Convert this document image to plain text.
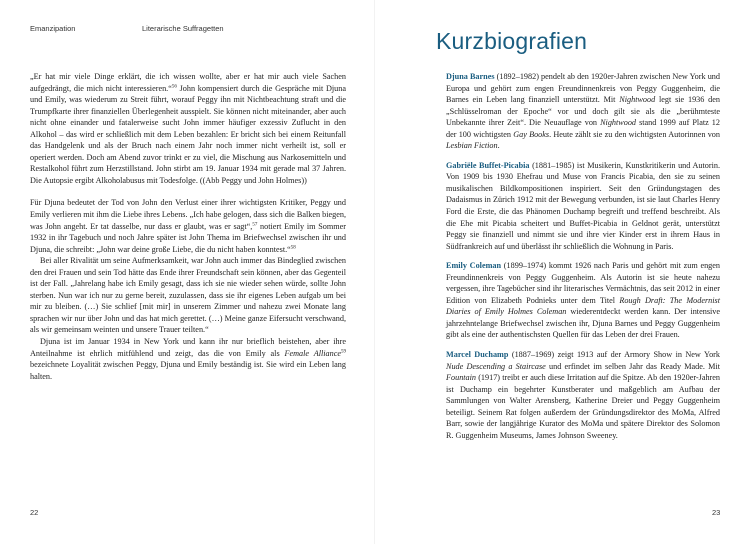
Emanzipation	Literarische Suffragetten	Kurzbiografien

„Er hat mir viele Dinge erklärt, die ich wissen wollte, aber er hat mir auch viele Sachen aufgedrängt, die mich nicht interessieren.“$^{56}$ John kompensiert durch die Gespräche mit Djuna und Emily, was wiederum zu Streit führt, worauf Peggy ihn mit Nichtbeachtung straft und die Trumpfkarte ihrer finanziellen Überlegenheit ausspielt. Sie können nicht miteinander, aber auch nicht ohne einander und fatalerweise sucht John immer häufiger exzessiv Zuflucht in den Alkohol – das wird er schließlich mit dem Leben bezahlen: Er bricht sich bei einem Reitunfall das Handgelenk und als der Bruch nach einem Jahr noch immer nicht verheilt ist, soll er operiert werden. Doch am Abend zuvor trinkt er zu viel, die Mischung aus Narkosemitteln und Restalkohol führt zum Herzstillstand. John stirbt am 19. Januar 1934 mit gerade mal 37 Jahren. Die Autopsie ergibt Alkoholabusus mit Todesfolge. ((Abb Peggy und John Holmes))

Für Djuna bedeutet der Tod von John den Verlust einer ihrer wichtigsten Kritiker, Peggy und Emily verlieren mit ihm die Liebe ihres Lebens. „Ich habe gelogen, dass sich die Balken biegen, was John angeht. Er tat dasselbe, nur dass er glaubt, was er sagt“,$^{57}$ notiert Emily im Sommer 1932 in ihr Tagebuch und noch Jahre später ist John Thema im Briefwechsel zwischen ihr und Djuna, die schreibt: „John war deine große Liebe, die du nicht haben konntest.“$^{58}$

Bei aller Rivalität um seine Aufmerksamkeit, war John auch immer das Bindeglied zwischen den drei Frauen und sein Tod hätte das Ende ihrer Freundschaft sein können, aber das Gegenteil ist der Fall. „Jahrelang habe ich Emily gesagt, dass ich sie nie wieder sehen würde, sollte John sterben. Nun war ich nur zu gerne bereit, zuzulassen, dass sie ihr eigenes Leben aufgab um bei mir zu bleiben. (…) Sie schlief [mit mir] in unserem Zimmer und nahezu zwei Monate lang sprachen wir nur über John und das hat mich gerettet. (…) Meine ganze Eifersucht verschwand, als wir gemeinsam weinten und unsere Trauer teilten.“

Djuna ist im Januar 1934 in New York und kann ihr nur brieflich beistehen, aber ihre Anteilnahme ist ehrlich mitfühlend und zeigt, das die von Emily als Female Alliance$^{59}$ bezeichnete Loyalität zwischen Peggy, Djuna und Emily beständig ist. Sie wird ein Leben lang halten.

Djuna Barnes (1892–1982) pendelt ab den 1920er-Jahren zwischen New York und Europa und gehört zum engen Freundinnenkreis von Peggy Guggenheim, die Barnes ein Leben lang finanziell unterstützt. Mit Nightwood legt sie 1936 den „Schlüsselroman der Epoche“ vor und doch gilt sie als die „berühmteste Unbekannte ihrer Zeit“. Die Neuauflage von Nightwood stand 1999 auf Platz 12 der 100 wichtigsten Gay Books. Heute zählt sie zu den wichtigsten Autorinnen von Lesbian Fiction.

Gabriële Buffet-Picabia (1881–1985) ist Musikerin, Kunstkritikerin und Autorin. Von 1909 bis 1930 Ehefrau und Muse von Francis Picabia, den sie zu seinen musikalischen Bildkompositionen inspiriert. Seit den Gründungstagen des Dadaismus in Zürich 1912 mit der Bewegung verbunden, ist sie laut Charles Henry Ford die Erste, die das Phänomen Duchamp begreift und treffend beschreibt. Als die Ehe mit Picabia scheitert und Buffet-Picabia in Geldnot gerät, unterstützt Peggy sie finanziell und nimmt sie und ihre vier Kinder erst in ihrem Haus in Südfrankreich auf und überlässt ihr schließlich die Wohnung in Paris.

Emily Coleman (1899–1974) kommt 1926 nach Paris und gehört mit zum engen Freundinnenkreis von Peggy Guggenheim. Als Autorin ist sie heute nahezu vergessen, ihre Tagebücher sind ihr literarisches Vermächtnis, das seit 2012 in einer Edition von Elizabeth Podnieks unter dem Titel Rough Draft: The Modernist Diaries of Emily Holmes Coleman wiederentdeckt werden kann. Der intensive jahrzehntelange Briefwechsel zwischen ihr, Djuna Barnes und Peggy Guggenheim gibt als eine der authentischsten Quellen für das Leben der drei Frauen.

Marcel Duchamp (1887–1969) zeigt 1913 auf der Armory Show in New York Nude Descending a Staircase und erfindet im selben Jahr das Ready Made. Mit Fountain (1917) treibt er auch diese Irritation auf die Spitze. Ab den 1920er-Jahren ist Duchamp ein begehrter Kunstberater und maßgeblich am Aufbau der Sammlungen von Walter Arensberg, Katherine Dreier und Peggy Guggenheim beteiligt. Seinem Rat folgen außerdem der Gründungsdirektor des MoMa, Alfred Barr, sowie der langjährige Kurator des MoMa und spätere Direktor des Solomon R. Guggenheim Museums, James Johnson Sweeney.

22	23
